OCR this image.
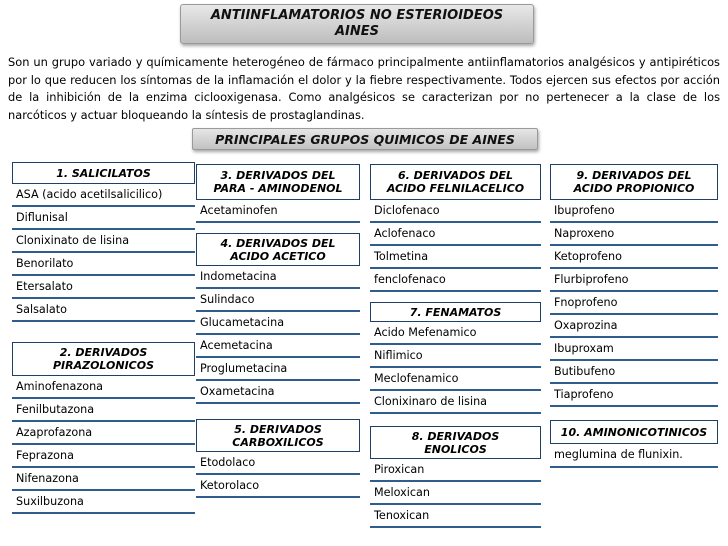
ANTIINFLAMATORIOS NO ESTERIOIDEOS
AINES

Son un grupo variado y químicamente heterogéneo de fármaco principalmente antiinflamatorios analgésicos y antipiréticos por lo que reducen los síntomas de la inflamación el dolor y la fiebre respectivamente. Todos ejercen sus efectos por acción de la inhibición de la enzima ciclooxigenasa. Como analgésicos se caracterizan por no pertenecer a la clase de los narcóticos y actuar bloqueando la síntesis de prostaglandinas.

PRINCIPALES GRUPOS QUIMICOS DE AINES
1. SALICILATOS
ASA (acido acetilsalicilico)
Diflunisal
Clonixinato de lisina
Benorilato
Etersalato
Salsalato
2. DERIVADOS
PIRAZOLONICOS
Aminofenazona
Fenilbutazona
Azaprofazona
Feprazona
Nifenazona
Suxilbuzona
3. DERIVADOS DEL
PARA - AMINODENOL
Acetaminofen
4. DERIVADOS DEL
ACIDO ACETICO
Indometacina
Sulindaco
Glucametacina
Acemetacina
Proglumetacina
Oxametacina
5. DERIVADOS
CARBOXILICOS
Etodolaco
Ketorolaco
6. DERIVADOS DEL
ACIDO FELNILACELICO
Diclofenaco
Aclofenaco
Tolmetina
fenclofenaco
7. FENAMATOS
Acido Mefenamico
Niflimico
Meclofenamico
Clonixinaro de lisina
8. DERIVADOS
ENOLICOS
Piroxican
Meloxican
Tenoxican
9. DERIVADOS DEL
ACIDO PROPIONICO
Ibuprofeno
Naproxeno
Ketoprofeno
Flurbiprofeno
Fnoprofeno
Oxaprozina
Ibuproxam
Butibufeno
Tiaprofeno
10. AMINONICOTINICOS
meglumina de flunixin.
